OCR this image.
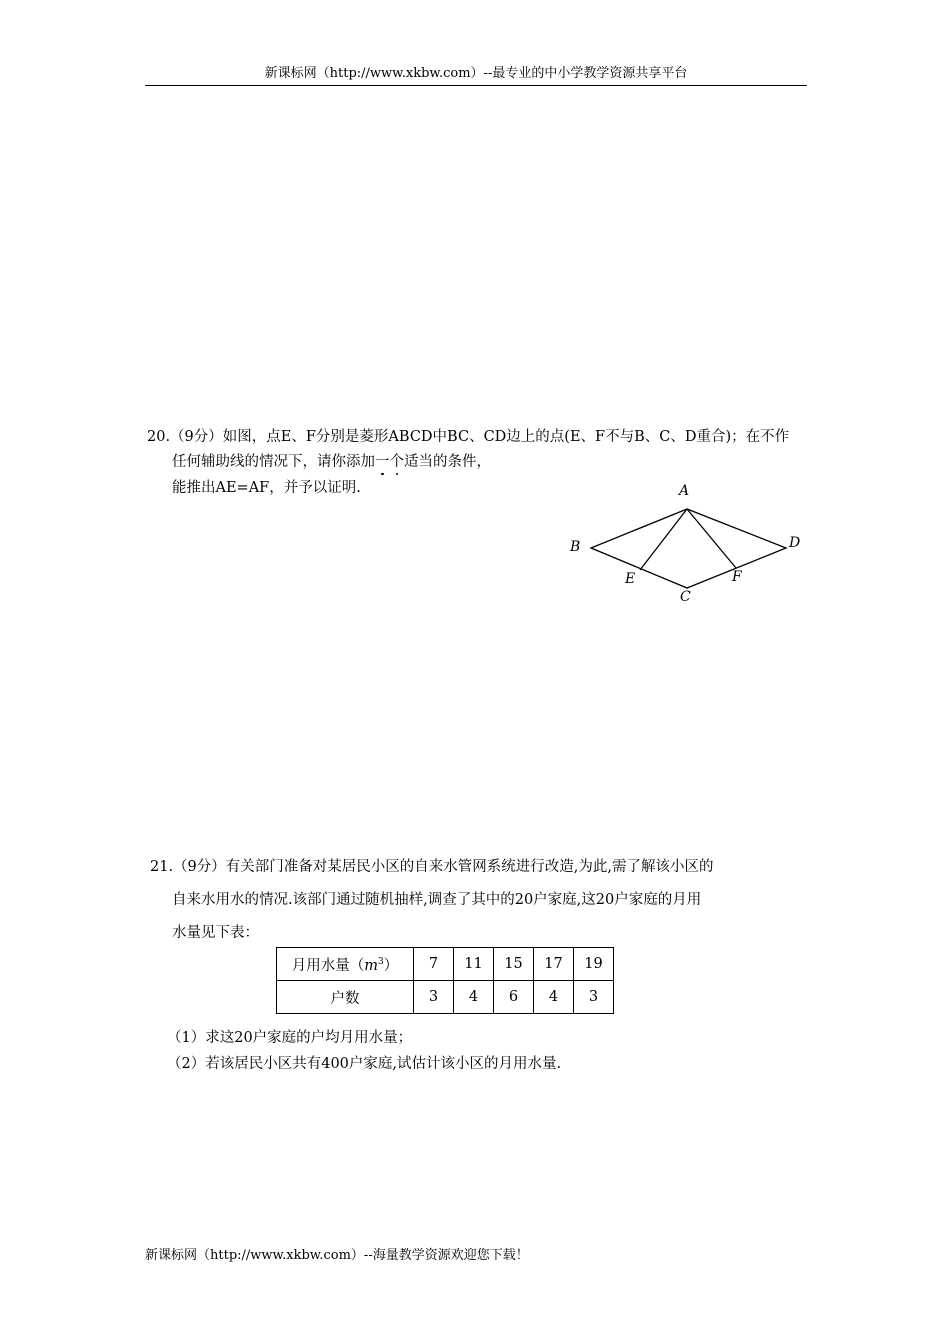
新课标网（http://www.xkbw.com）--最专业的中小学教学资源共享平台
20.（9分）如图，点E、F分别是菱形ABCD中BC、CD边上的点(E、F不与B、C、D重合)；在不作
任何辅助线的情况下，请你添加一个适当的条件，
能推出AE=AF，并予以证明.	A
B
C
D
E	F
21.（9分）有关部门准备对某居民小区的自来水管网系统进行改造,为此,需了解该小区的
自来水用水的情况.该部门通过随机抽样,调查了其中的20户家庭,这20户家庭的月用
水量见下表：
月用水量$(m^3)$	7	11	15	17	19
户数	3	4	6	4	3
（1）求这20户家庭的户均月用水量；
（2）若该居民小区共有400户家庭,试估计该小区的月用水量.
新课标网（http://www.xkbw.com）--海量教学资源欢迎您下载！
